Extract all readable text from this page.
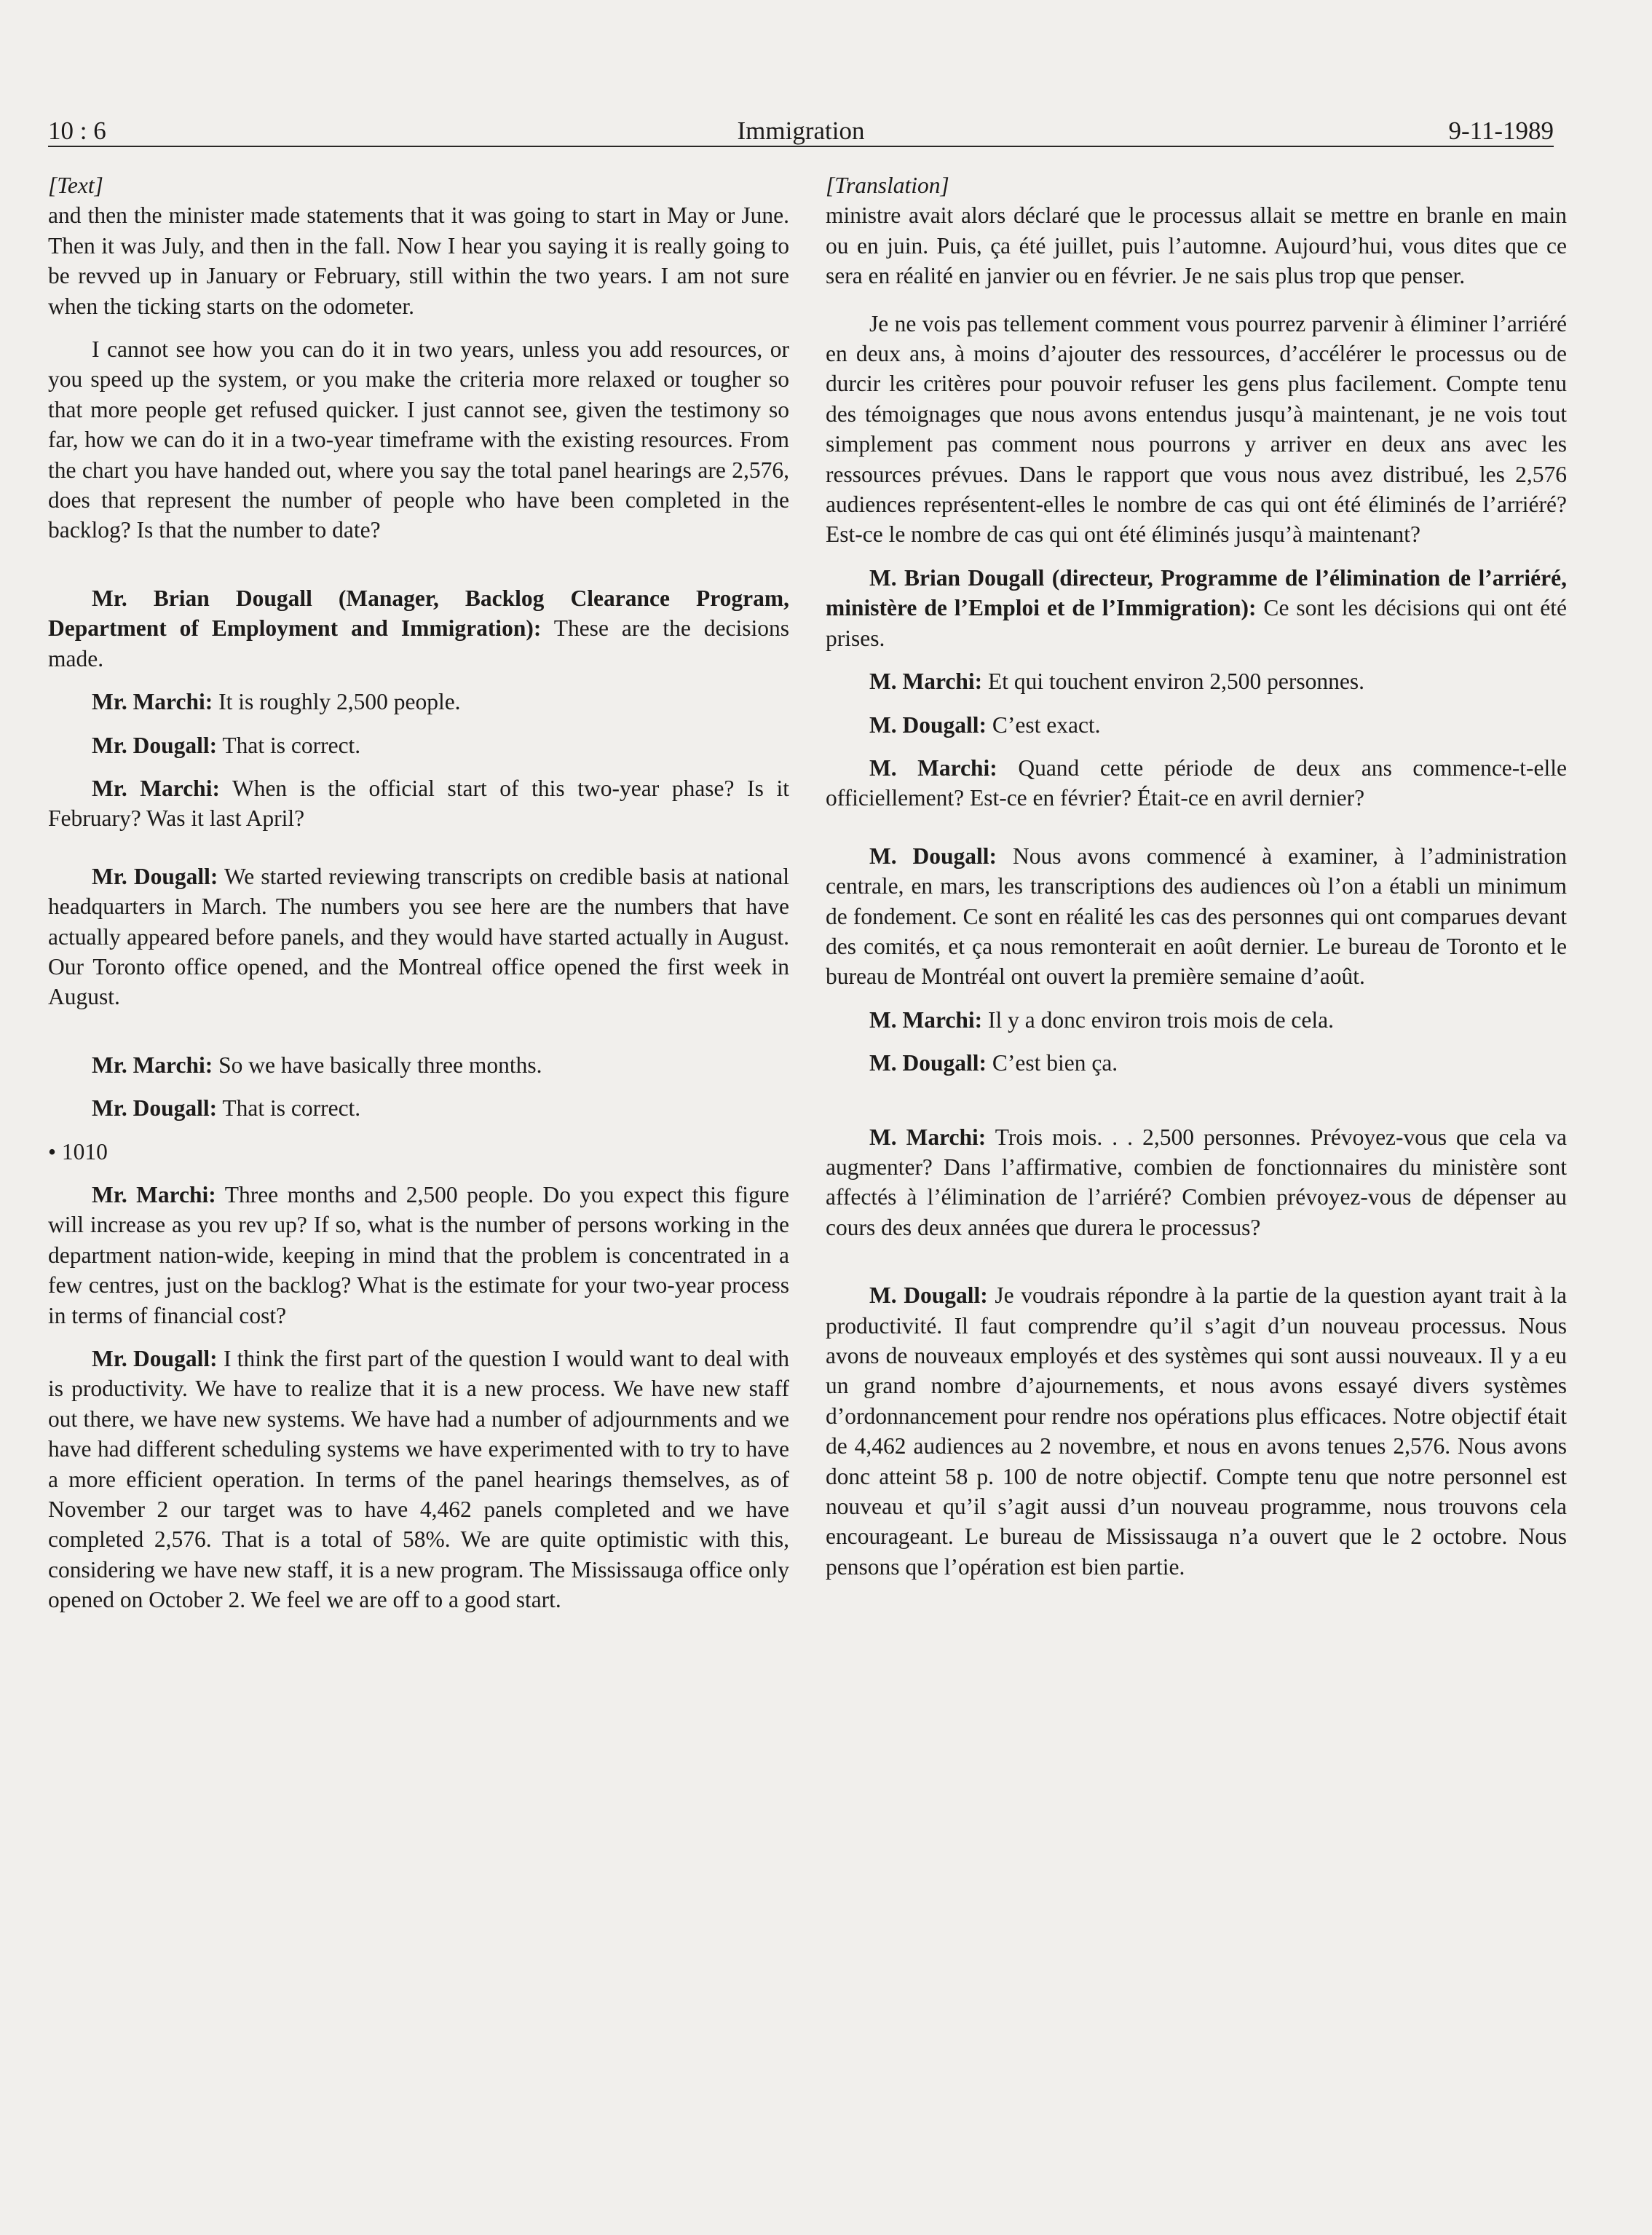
10 : 6	Immigration	9-11-1989

[Text]

and then the minister made statements that it was going to start in May or June. Then it was July, and then in the fall. Now I hear you saying it is really going to be revved up in January or February, still within the two years. I am not sure when the ticking starts on the odometer.

I cannot see how you can do it in two years, unless you add resources, or you speed up the system, or you make the criteria more relaxed or tougher so that more people get refused quicker. I just cannot see, given the testimony so far, how we can do it in a two-year timeframe with the existing resources. From the chart you have handed out, where you say the total panel hearings are 2,576, does that represent the number of people who have been completed in the backlog? Is that the number to date?

Mr. Brian Dougall (Manager, Backlog Clearance Program, Department of Employment and Immigration): These are the decisions made.

Mr. Marchi: It is roughly 2,500 people.

Mr. Dougall: That is correct.

Mr. Marchi: When is the official start of this two-year phase? Is it February? Was it last April?

Mr. Dougall: We started reviewing transcripts on credible basis at national headquarters in March. The numbers you see here are the numbers that have actually appeared before panels, and they would have started actually in August. Our Toronto office opened, and the Montreal office opened the first week in August.

Mr. Marchi: So we have basically three months.

Mr. Dougall: That is correct.

• 1010

Mr. Marchi: Three months and 2,500 people. Do you expect this figure will increase as you rev up? If so, what is the number of persons working in the department nation-wide, keeping in mind that the problem is concentrated in a few centres, just on the backlog? What is the estimate for your two-year process in terms of financial cost?

Mr. Dougall: I think the first part of the question I would want to deal with is productivity. We have to realize that it is a new process. We have new staff out there, we have new systems. We have had a number of adjournments and we have had different scheduling systems we have experimented with to try to have a more efficient operation. In terms of the panel hearings themselves, as of November 2 our target was to have 4,462 panels completed and we have completed 2,576. That is a total of 58%. We are quite optimistic with this, considering we have new staff, it is a new program. The Mississauga office only opened on October 2. We feel we are off to a good start.

[Translation]

ministre avait alors déclaré que le processus allait se mettre en branle en main ou en juin. Puis, ça été juillet, puis l’automne. Aujourd’hui, vous dites que ce sera en réalité en janvier ou en février. Je ne sais plus trop que penser.

Je ne vois pas tellement comment vous pourrez parvenir à éliminer l’arriéré en deux ans, à moins d’ajouter des ressources, d’accélérer le processus ou de durcir les critères pour pouvoir refuser les gens plus facilement. Compte tenu des témoignages que nous avons entendus jusqu’à maintenant, je ne vois tout simplement pas comment nous pourrons y arriver en deux ans avec les ressources prévues. Dans le rapport que vous nous avez distribué, les 2,576 audiences représentent-elles le nombre de cas qui ont été éliminés de l’arriéré? Est-ce le nombre de cas qui ont été éliminés jusqu’à maintenant?

M. Brian Dougall (directeur, Programme de l’élimination de l’arriéré, ministère de l’Emploi et de l’Immigration): Ce sont les décisions qui ont été prises.

M. Marchi: Et qui touchent environ 2,500 personnes.

M. Dougall: C’est exact.

M. Marchi: Quand cette période de deux ans commence-t-elle officiellement? Est-ce en février? Était-ce en avril dernier?

M. Dougall: Nous avons commencé à examiner, à l’administration centrale, en mars, les transcriptions des audiences où l’on a établi un minimum de fondement. Ce sont en réalité les cas des personnes qui ont comparues devant des comités, et ça nous remonterait en août dernier. Le bureau de Toronto et le bureau de Montréal ont ouvert la première semaine d’août.

M. Marchi: Il y a donc environ trois mois de cela.

M. Dougall: C’est bien ça.

M. Marchi: Trois mois. . . 2,500 personnes. Prévoyez-vous que cela va augmenter? Dans l’affirmative, combien de fonctionnaires du ministère sont affectés à l’élimination de l’arriéré? Combien prévoyez-vous de dépenser au cours des deux années que durera le processus?

M. Dougall: Je voudrais répondre à la partie de la question ayant trait à la productivité. Il faut comprendre qu’il s’agit d’un nouveau processus. Nous avons de nouveaux employés et des systèmes qui sont aussi nouveaux. Il y a eu un grand nombre d’ajournements, et nous avons essayé divers systèmes d’ordonnancement pour rendre nos opérations plus efficaces. Notre objectif était de 4,462 audiences au 2 novembre, et nous en avons tenues 2,576. Nous avons donc atteint 58 p. 100 de notre objectif. Compte tenu que notre personnel est nouveau et qu’il s’agit aussi d’un nouveau programme, nous trouvons cela encourageant. Le bureau de Mississauga n’a ouvert que le 2 octobre. Nous pensons que l’opération est bien partie.
